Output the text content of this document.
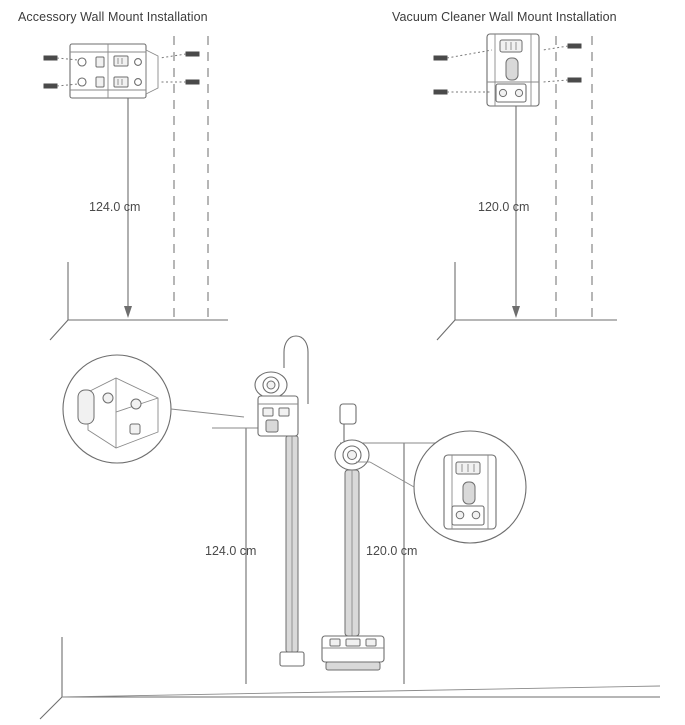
Accessory Wall Mount Installation	Vacuum Cleaner Wall Mount Installation
124.0 cm	120.0 cm
124.0 cm	120.0 cm
